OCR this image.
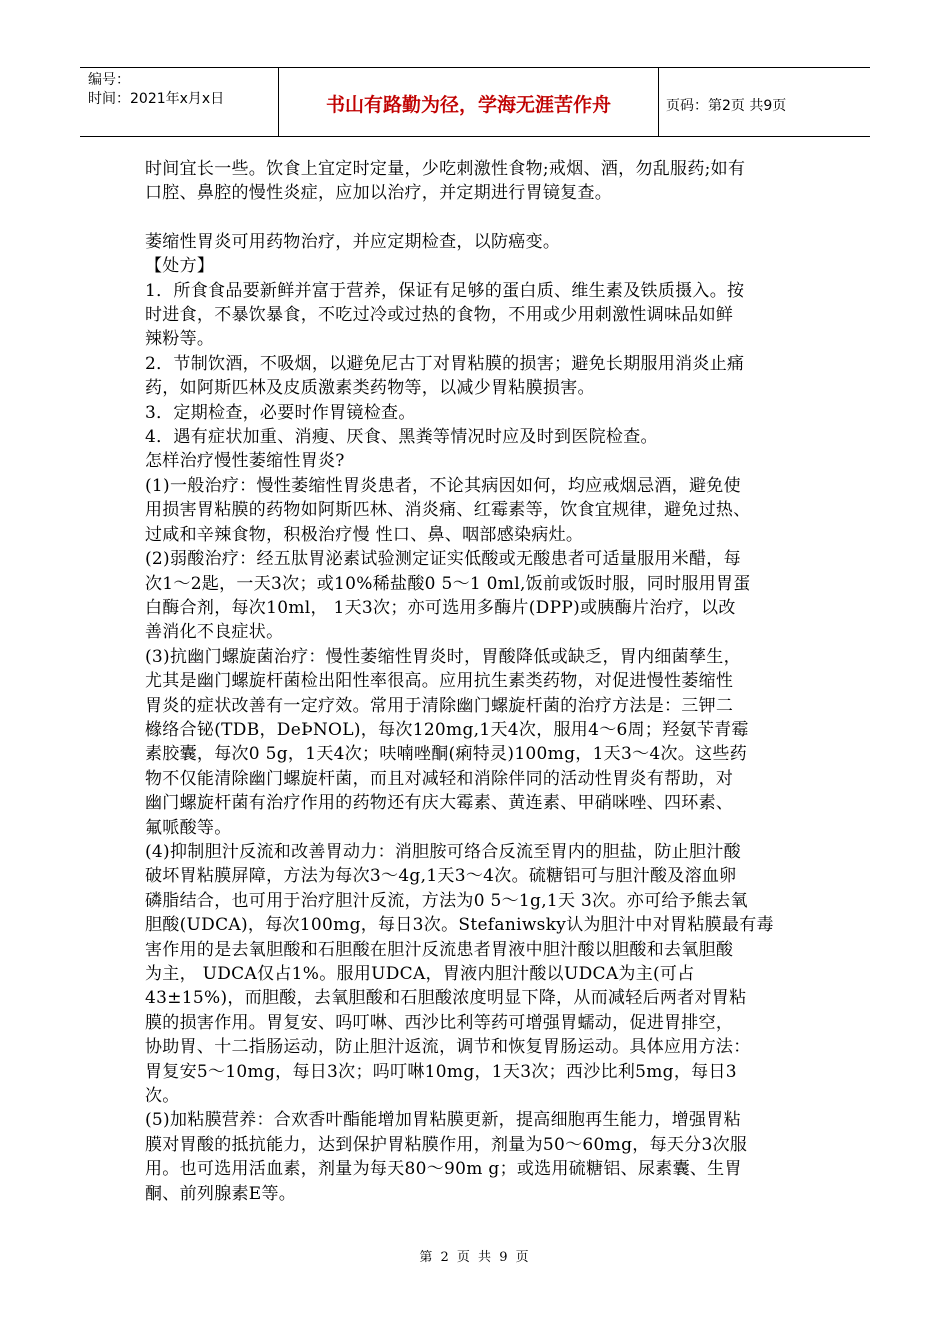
编号：
时间：2021年x月x日	书山有路勤为径，学海无涯苦作舟	页码：第2页 共9页

时间宜长一些。饮食上宜定时定量，少吃刺激性食物;戒烟、酒，勿乱服药;如有

口腔、鼻腔的慢性炎症，应加以治疗，并定期进行胃镜复查。

萎缩性胃炎可用药物治疗，并应定期检查，以防癌变。

【处方】

1．所食食品要新鲜并富于营养，保证有足够的蛋白质、维生素及铁质摄入。按

时进食，不暴饮暴食，不吃过冷或过热的食物，不用或少用刺激性调味品如鲜

辣粉等。

2．节制饮酒，不吸烟，以避免尼古丁对胃粘膜的损害；避免长期服用消炎止痛

药，如阿斯匹林及皮质激素类药物等，以减少胃粘膜损害。

3．定期检查，必要时作胃镜检查。

4．遇有症状加重、消瘦、厌食、黑粪等情况时应及时到医院检查。

怎样治疗慢性萎缩性胃炎?

(1)一般治疗：慢性萎缩性胃炎患者，不论其病因如何，均应戒烟忌酒，避免使

用损害胃粘膜的药物如阿斯匹林、消炎痛、红霉素等，饮食宜规律，避免过热、

过咸和辛辣食物，积极治疗慢 性口、鼻、咽部感染病灶。

(2)弱酸治疗：经五肽胃泌素试验测定证实低酸或无酸患者可适量服用米醋，每

次1～2匙，一天3次；或10%稀盐酸0 5～1 0ml,饭前或饭时服，同时服用胃蛋

白酶合剂，每次10ml， 1天3次；亦可选用多酶片(DPP)或胰酶片治疗，以改

善消化不良症状。

(3)抗幽门螺旋菌治疗：慢性萎缩性胃炎时，胃酸降低或缺乏，胃内细菌孳生，

尤其是幽门螺旋杆菌检出阳性率很高。应用抗生素类药物，对促进慢性萎缩性

胃炎的症状改善有一定疗效。常用于清除幽门螺旋杆菌的治疗方法是：三钾二

橼络合铋(TDB，DeÞNOL)，每次120mg,1天4次，服用4～6周；羟氨苄青霉

素胶囊，每次0 5g，1天4次；呋喃唑酮(痢特灵)100mg，1天3～4次。这些药

物不仅能清除幽门螺旋杆菌，而且对减轻和消除伴同的活动性胃炎有帮助，对

幽门螺旋杆菌有治疗作用的药物还有庆大霉素、黄连素、甲硝咪唑、四环素、

氟哌酸等。

(4)抑制胆汁反流和改善胃动力：消胆胺可络合反流至胃内的胆盐，防止胆汁酸

破坏胃粘膜屏障，方法为每次3～4g,1天3～4次。硫糖铝可与胆汁酸及溶血卵

磷脂结合，也可用于治疗胆汁反流，方法为0 5～1g,1天 3次。亦可给予熊去氧

胆酸(UDCA)，每次100mg，每日3次。Stefaniwsky认为胆汁中对胃粘膜最有毒

害作用的是去氧胆酸和石胆酸在胆汁反流患者胃液中胆汁酸以胆酸和去氧胆酸

为主， UDCA仅占1%。服用UDCA，胃液内胆汁酸以UDCA为主(可占

43±15%)，而胆酸，去氧胆酸和石胆酸浓度明显下降，从而减轻后两者对胃粘

膜的损害作用。胃复安、吗叮啉、西沙比利等药可增强胃蠕动，促进胃排空，

协助胃、十二指肠运动，防止胆汁返流，调节和恢复胃肠运动。具体应用方法：

胃复安5～10mg，每日3次；吗叮啉10mg，1天3次；西沙比利5mg，每日3

次。

(5)加粘膜营养：合欢香叶酯能增加胃粘膜更新，提高细胞再生能力，增强胃粘

膜对胃酸的抵抗能力，达到保护胃粘膜作用，剂量为50～60mg，每天分3次服

用。也可选用活血素，剂量为每天80～90m g；或选用硫糖铝、尿素囊、生胃

酮、前列腺素E等。

第 2 页 共 9 页
